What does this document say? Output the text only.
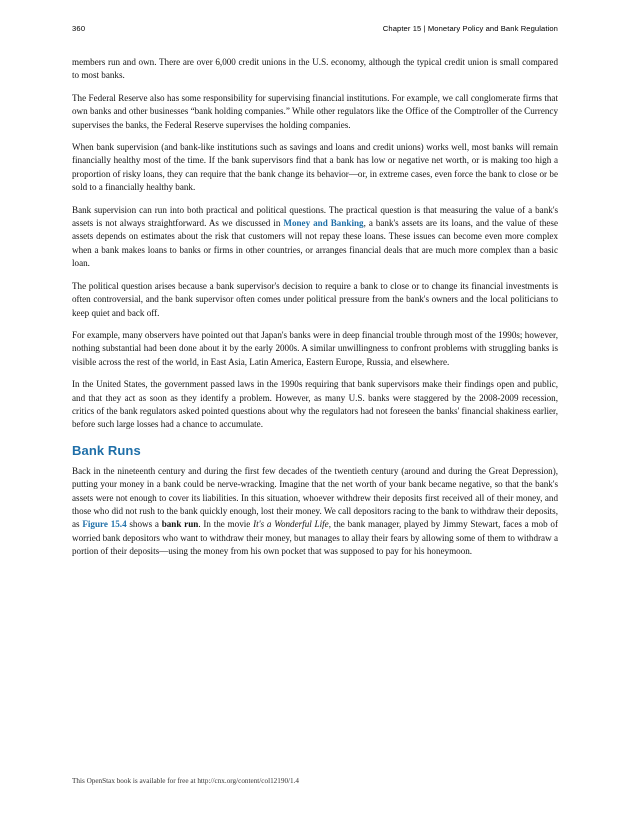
360	Chapter 15 | Monetary Policy and Bank Regulation

members run and own. There are over 6,000 credit unions in the U.S. economy, although the typical credit union is small compared to most banks.

The Federal Reserve also has some responsibility for supervising financial institutions. For example, we call conglomerate firms that own banks and other businesses “bank holding companies.” While other regulators like the Office of the Comptroller of the Currency supervises the banks, the Federal Reserve supervises the holding companies.

When bank supervision (and bank-like institutions such as savings and loans and credit unions) works well, most banks will remain financially healthy most of the time. If the bank supervisors find that a bank has low or negative net worth, or is making too high a proportion of risky loans, they can require that the bank change its behavior—or, in extreme cases, even force the bank to close or be sold to a financially healthy bank.

Bank supervision can run into both practical and political questions. The practical question is that measuring the value of a bank's assets is not always straightforward. As we discussed in Money and Banking, a bank's assets are its loans, and the value of these assets depends on estimates about the risk that customers will not repay these loans. These issues can become even more complex when a bank makes loans to banks or firms in other countries, or arranges financial deals that are much more complex than a basic loan.

The political question arises because a bank supervisor's decision to require a bank to close or to change its financial investments is often controversial, and the bank supervisor often comes under political pressure from the bank's owners and the local politicians to keep quiet and back off.

For example, many observers have pointed out that Japan's banks were in deep financial trouble through most of the 1990s; however, nothing substantial had been done about it by the early 2000s. A similar unwillingness to confront problems with struggling banks is visible across the rest of the world, in East Asia, Latin America, Eastern Europe, Russia, and elsewhere.

In the United States, the government passed laws in the 1990s requiring that bank supervisors make their findings open and public, and that they act as soon as they identify a problem. However, as many U.S. banks were staggered by the 2008-2009 recession, critics of the bank regulators asked pointed questions about why the regulators had not foreseen the banks' financial shakiness earlier, before such large losses had a chance to accumulate.

Bank Runs

Back in the nineteenth century and during the first few decades of the twentieth century (around and during the Great Depression), putting your money in a bank could be nerve-wracking. Imagine that the net worth of your bank became negative, so that the bank's assets were not enough to cover its liabilities. In this situation, whoever withdrew their deposits first received all of their money, and those who did not rush to the bank quickly enough, lost their money. We call depositors racing to the bank to withdraw their deposits, as Figure 15.4 shows a bank run. In the movie It's a Wonderful Life, the bank manager, played by Jimmy Stewart, faces a mob of worried bank depositors who want to withdraw their money, but manages to allay their fears by allowing some of them to withdraw a portion of their deposits—using the money from his own pocket that was supposed to pay for his honeymoon.

This OpenStax book is available for free at http://cnx.org/content/col12190/1.4
